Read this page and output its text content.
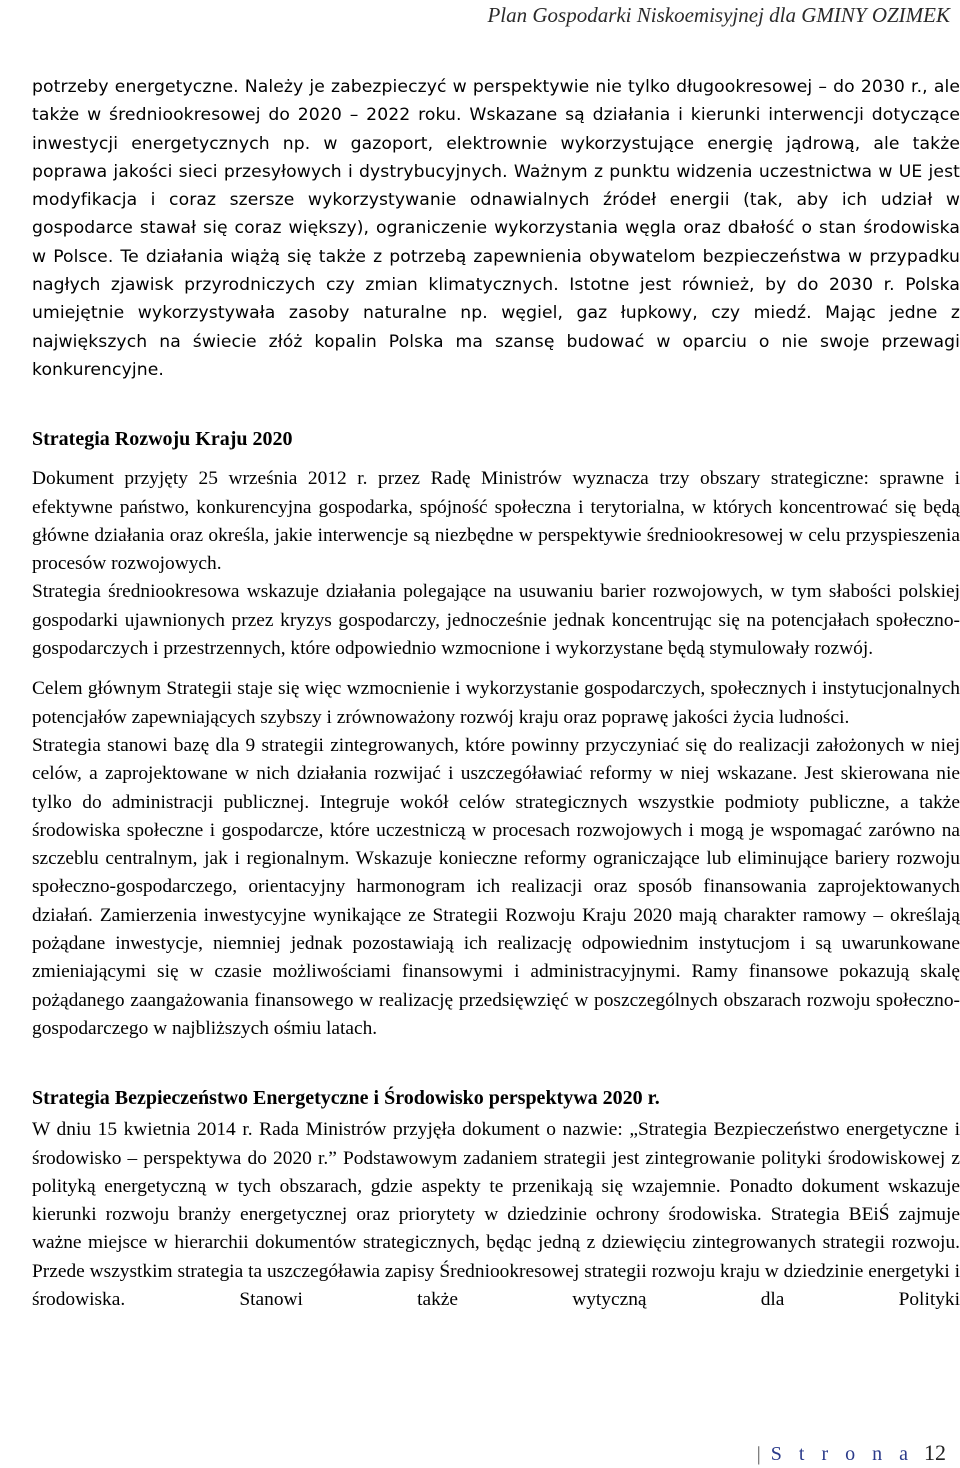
Plan Gospodarki Niskoemisyjnej dla GMINY OZIMEK

potrzeby energetyczne. Należy je zabezpieczyć w perspektywie nie tylko długookresowej – do 2030 r., ale także w średniookresowej do 2020 – 2022 roku. Wskazane są działania i kierunki interwencji dotyczące inwestycji energetycznych np. w gazoport, elektrownie wykorzystujące energię jądrową, ale także poprawa jakości sieci przesyłowych i dystrybucyjnych. Ważnym z punktu widzenia uczestnictwa w UE jest modyfikacja i coraz szersze wykorzystywanie odnawialnych źródeł energii (tak, aby ich udział w gospodarce stawał się coraz większy), ograniczenie wykorzystania węgla oraz dbałość o stan środowiska w Polsce. Te działania wiążą się także z potrzebą zapewnienia obywatelom bezpieczeństwa w przypadku nagłych zjawisk przyrodniczych czy zmian klimatycznych. Istotne jest również, by do 2030 r. Polska umiejętnie wykorzystywała zasoby naturalne np. węgiel, gaz łupkowy, czy miedź. Mając jedne z największych na świecie złóż kopalin Polska ma szansę budować w oparciu o nie swoje przewagi konkurencyjne.

Strategia Rozwoju Kraju 2020

Dokument przyjęty 25 września 2012 r. przez Radę Ministrów wyznacza trzy obszary strategiczne: sprawne i efektywne państwo, konkurencyjna gospodarka, spójność społeczna i terytorialna, w których koncentrować się będą główne działania oraz określa, jakie interwencje są niezbędne w perspektywie średniookresowej w celu przyspieszenia procesów rozwojowych.

Strategia średniookresowa wskazuje działania polegające na usuwaniu barier rozwojowych, w tym słabości polskiej gospodarki ujawnionych przez kryzys gospodarczy, jednocześnie jednak koncentrując się na potencjałach społeczno-gospodarczych i przestrzennych, które odpowiednio wzmocnione i wykorzystane będą stymulowały rozwój.

Celem głównym Strategii staje się więc wzmocnienie i wykorzystanie gospodarczych, społecznych i instytucjonalnych potencjałów zapewniających szybszy i zrównoważony rozwój kraju oraz poprawę jakości życia ludności.

Strategia stanowi bazę dla 9 strategii zintegrowanych, które powinny przyczyniać się do realizacji założonych w niej celów, a zaprojektowane w nich działania rozwijać i uszczegóławiać reformy w niej wskazane. Jest skierowana nie tylko do administracji publicznej. Integruje wokół celów strategicznych wszystkie podmioty publiczne, a także środowiska społeczne i gospodarcze, które uczestniczą w procesach rozwojowych i mogą je wspomagać zarówno na szczeblu centralnym, jak i regionalnym. Wskazuje konieczne reformy ograniczające lub eliminujące bariery rozwoju społeczno-gospodarczego, orientacyjny harmonogram ich realizacji oraz sposób finansowania zaprojektowanych działań. Zamierzenia inwestycyjne wynikające ze Strategii Rozwoju Kraju 2020 mają charakter ramowy – określają pożądane inwestycje, niemniej jednak pozostawiają ich realizację odpowiednim instytucjom i są uwarunkowane zmieniającymi się w czasie możliwościami finansowymi i administracyjnymi. Ramy finansowe pokazują skalę pożądanego zaangażowania finansowego w realizację przedsięwzięć w poszczególnych obszarach rozwoju społeczno-gospodarczego w najbliższych ośmiu latach.

Strategia Bezpieczeństwo Energetyczne i Środowisko perspektywa 2020 r.

W dniu 15 kwietnia 2014 r. Rada Ministrów przyjęła dokument o nazwie: „Strategia Bezpieczeństwo energetyczne i środowisko – perspektywa do 2020 r.” Podstawowym zadaniem strategii jest zintegrowanie polityki środowiskowej z polityką energetyczną w tych obszarach, gdzie aspekty te przenikają się wzajemnie. Ponadto dokument wskazuje kierunki rozwoju branży energetycznej oraz priorytety w dziedzinie ochrony środowiska. Strategia BEiŚ zajmuje ważne miejsce w hierarchii dokumentów strategicznych, będąc jedną z dziewięciu zintegrowanych strategii rozwoju. Przede wszystkim strategia ta uszczegóławia zapisy Średniookresowej strategii rozwoju kraju w dziedzinie energetyki i środowiska. Stanowi także wytyczną dla Polityki

| S t r o n a 12
